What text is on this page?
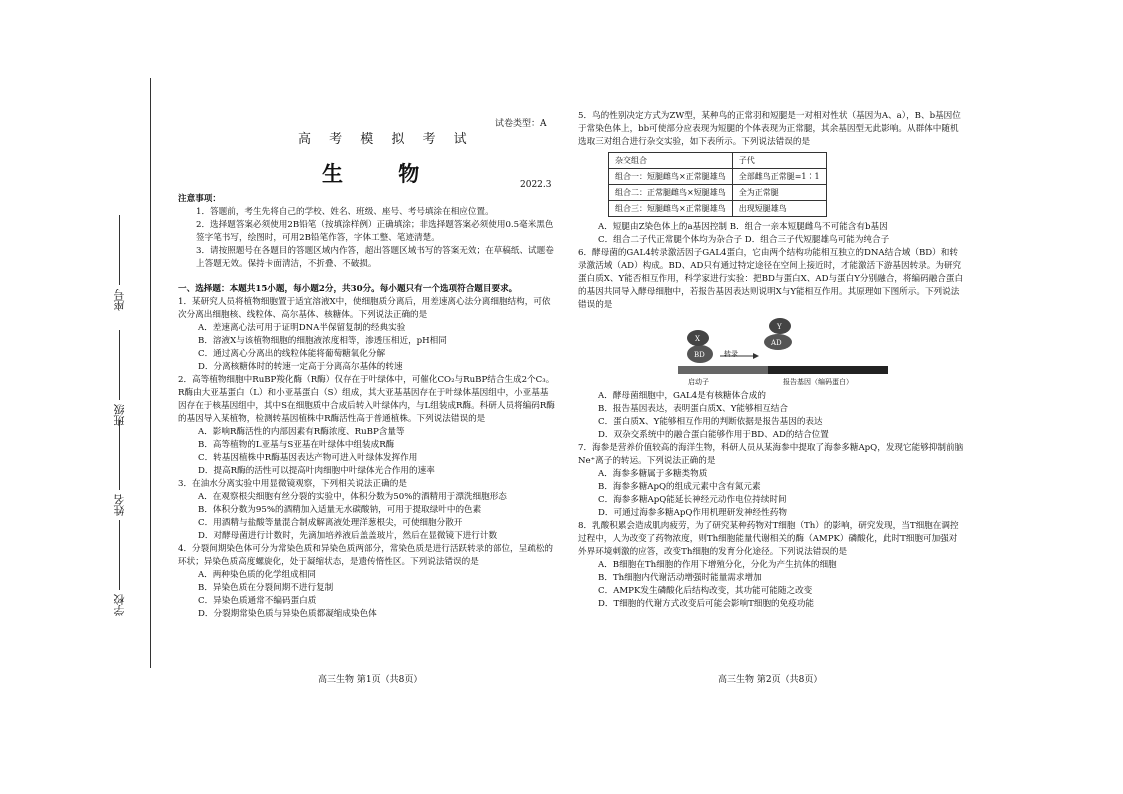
学校
姓名
班级
座号
试卷类型：A
高 考 模 拟 考 试
生 物	2022.3

注意事项：

1．答题前，考生先将自己的学校、姓名、班级、座号、考号填涂在相应位置。

2．选择题答案必须使用2B铅笔（按填涂样例）正确填涂；非选择题答案必须使用0.5毫米黑色签字笔书写，绘图时，可用2B铅笔作答，字体工整、笔迹清楚。

3．请按照题号在各题目的答题区域内作答，超出答题区域书写的答案无效；在草稿纸、试题卷上答题无效。保持卡面清洁，不折叠、不破损。

一、选择题：本题共15小题，每小题2分，共30分。每小题只有一个选项符合题目要求。

1．某研究人员将植物细胞置于适宜溶液X中，使细胞质分离后，用差速离心法分离细胞结构，可依次分离出细胞核、线粒体、高尔基体、核糖体。下列说法正确的是

A．差速离心法可用于证明DNA半保留复制的经典实验

B．溶液X与该植物细胞的细胞液浓度相等，渗透压相近，pH相同

C．通过离心分离出的线粒体能将葡萄糖氧化分解

D．分离核糖体时的转速一定高于分离高尔基体的转速

2．高等植物细胞中RuBP羧化酶（R酶）仅存在于叶绿体中，可催化CO₂与RuBP结合生成2个C₃。R酶由大亚基蛋白（L）和小亚基蛋白（S）组成，其大亚基基因存在于叶绿体基因组中，小亚基基因存在于核基因组中，其中S在细胞质中合成后转入叶绿体内，与L组装成R酶。科研人员将编码R酶的基因导入某植物，检测转基因植株中R酶活性高于普通植株。下列说法错误的是

A．影响R酶活性的内部因素有R酶浓度、RuBP含量等

B．高等植物的L亚基与S亚基在叶绿体中组装成R酶

C．转基因植株中R酶基因表达产物可进入叶绿体发挥作用

D．提高R酶的活性可以提高叶肉细胞中叶绿体光合作用的速率

3．在油水分离实验中用显微镜观察，下列相关说法正确的是

A．在观察根尖细胞有丝分裂的实验中，体积分数为50%的酒精用于漂洗细胞形态

B．体积分数为95%的酒精加入适量无水碳酸钠，可用于提取绿叶中的色素

C．用酒精与盐酸等量混合制成解离液处理洋葱根尖，可使细胞分散开

D．对酵母菌进行计数时，先滴加培养液后盖盖玻片，然后在显微镜下进行计数

4．分裂间期染色体可分为常染色质和异染色质两部分，常染色质是进行活跃转录的部位，呈疏松的环状；异染色质高度螺旋化，处于凝缩状态，是遗传惰性区。下列说法错误的是

A．两种染色质的化学组成相同

B．异染色质在分裂间期不进行复制

C．异染色质通常不编码蛋白质

D．分裂期常染色质与异染色质都凝缩成染色体

5．鸟的性别决定方式为ZW型，某种鸟的正常羽和短腿是一对相对性状（基因为A、a），B、b基因位于常染色体上，bb可使部分应表现为短腿的个体表现为正常腿，其余基因型无此影响。从群体中随机选取三对组合进行杂交实验，如下表所示。下列说法错误的是

杂交组合	子代
组合一：短腿雌鸟×正常腿雄鸟	全部雌鸟正常腿=1∶1
组合二：正常腿雌鸟×短腿雄鸟	全为正常腿
组合三：短腿雌鸟×正常腿雄鸟	出现短腿雄鸟

A．短腿由Z染色体上的a基因控制 B．组合一亲本短腿雌鸟不可能含有b基因

C．组合二子代正常腿个体均为杂合子 D．组合三子代短腿雄鸟可能为纯合子

6．酵母菌的GAL4转录激活因子GAL4蛋白，它由两个结构功能相互独立的DNA结合域（BD）和转录激活域（AD）构成。BD、AD只有通过特定途径在空间上接近时，才能激活下游基因转录。为研究蛋白质X、Y能否相互作用，科学家进行实验：把BD与蛋白X、AD与蛋白Y分别融合，将编码融合蛋白的基因共同导入酵母细胞中，若报告基因表达则说明X与Y能相互作用。其原理如下图所示。下列说法错误的是

BD
X
Y
AD
转录
启动子	报告基因（编码蛋白）

A．酵母菌细胞中，GAL4是有核糖体合成的

B．报告基因表达，表明蛋白质X、Y能够相互结合

C．蛋白质X、Y能够相互作用的判断依据是报告基因的表达

D．双杂交系统中的融合蛋白能够作用于BD、AD的结合位置

7．海参是营养价值较高的海洋生物，科研人员从某海参中提取了海参多糖ApQ，发现它能够抑制前脑Ne⁺离子的转运。下列说法正确的是

A．海参多糖属于多糖类物质

B．海参多糖ApQ的组成元素中含有氮元素

C．海参多糖ApQ能延长神经元动作电位持续时间

D．可通过海参多糖ApQ作用机理研发神经性药物

8．乳酸积累会造成肌肉疲劳，为了研究某种药物对T细胞（Th）的影响，研究发现，当T细胞在调控过程中，人为改变了药物浓度，则Th细胞能量代谢相关的酶（AMPK）磷酸化，此时T细胞可加强对外界环境刺激的应答，改变Th细胞的发育分化途径。下列说法错误的是

A．B细胞在Th细胞的作用下增殖分化，分化为产生抗体的细胞

B．Th细胞内代谢活动增强时能量需求增加

C．AMPK发生磷酸化后结构改变，其功能可能随之改变

D．T细胞的代谢方式改变后可能会影响T细胞的免疫功能

高三生物 第1页（共8页）	高三生物 第2页（共8页）
